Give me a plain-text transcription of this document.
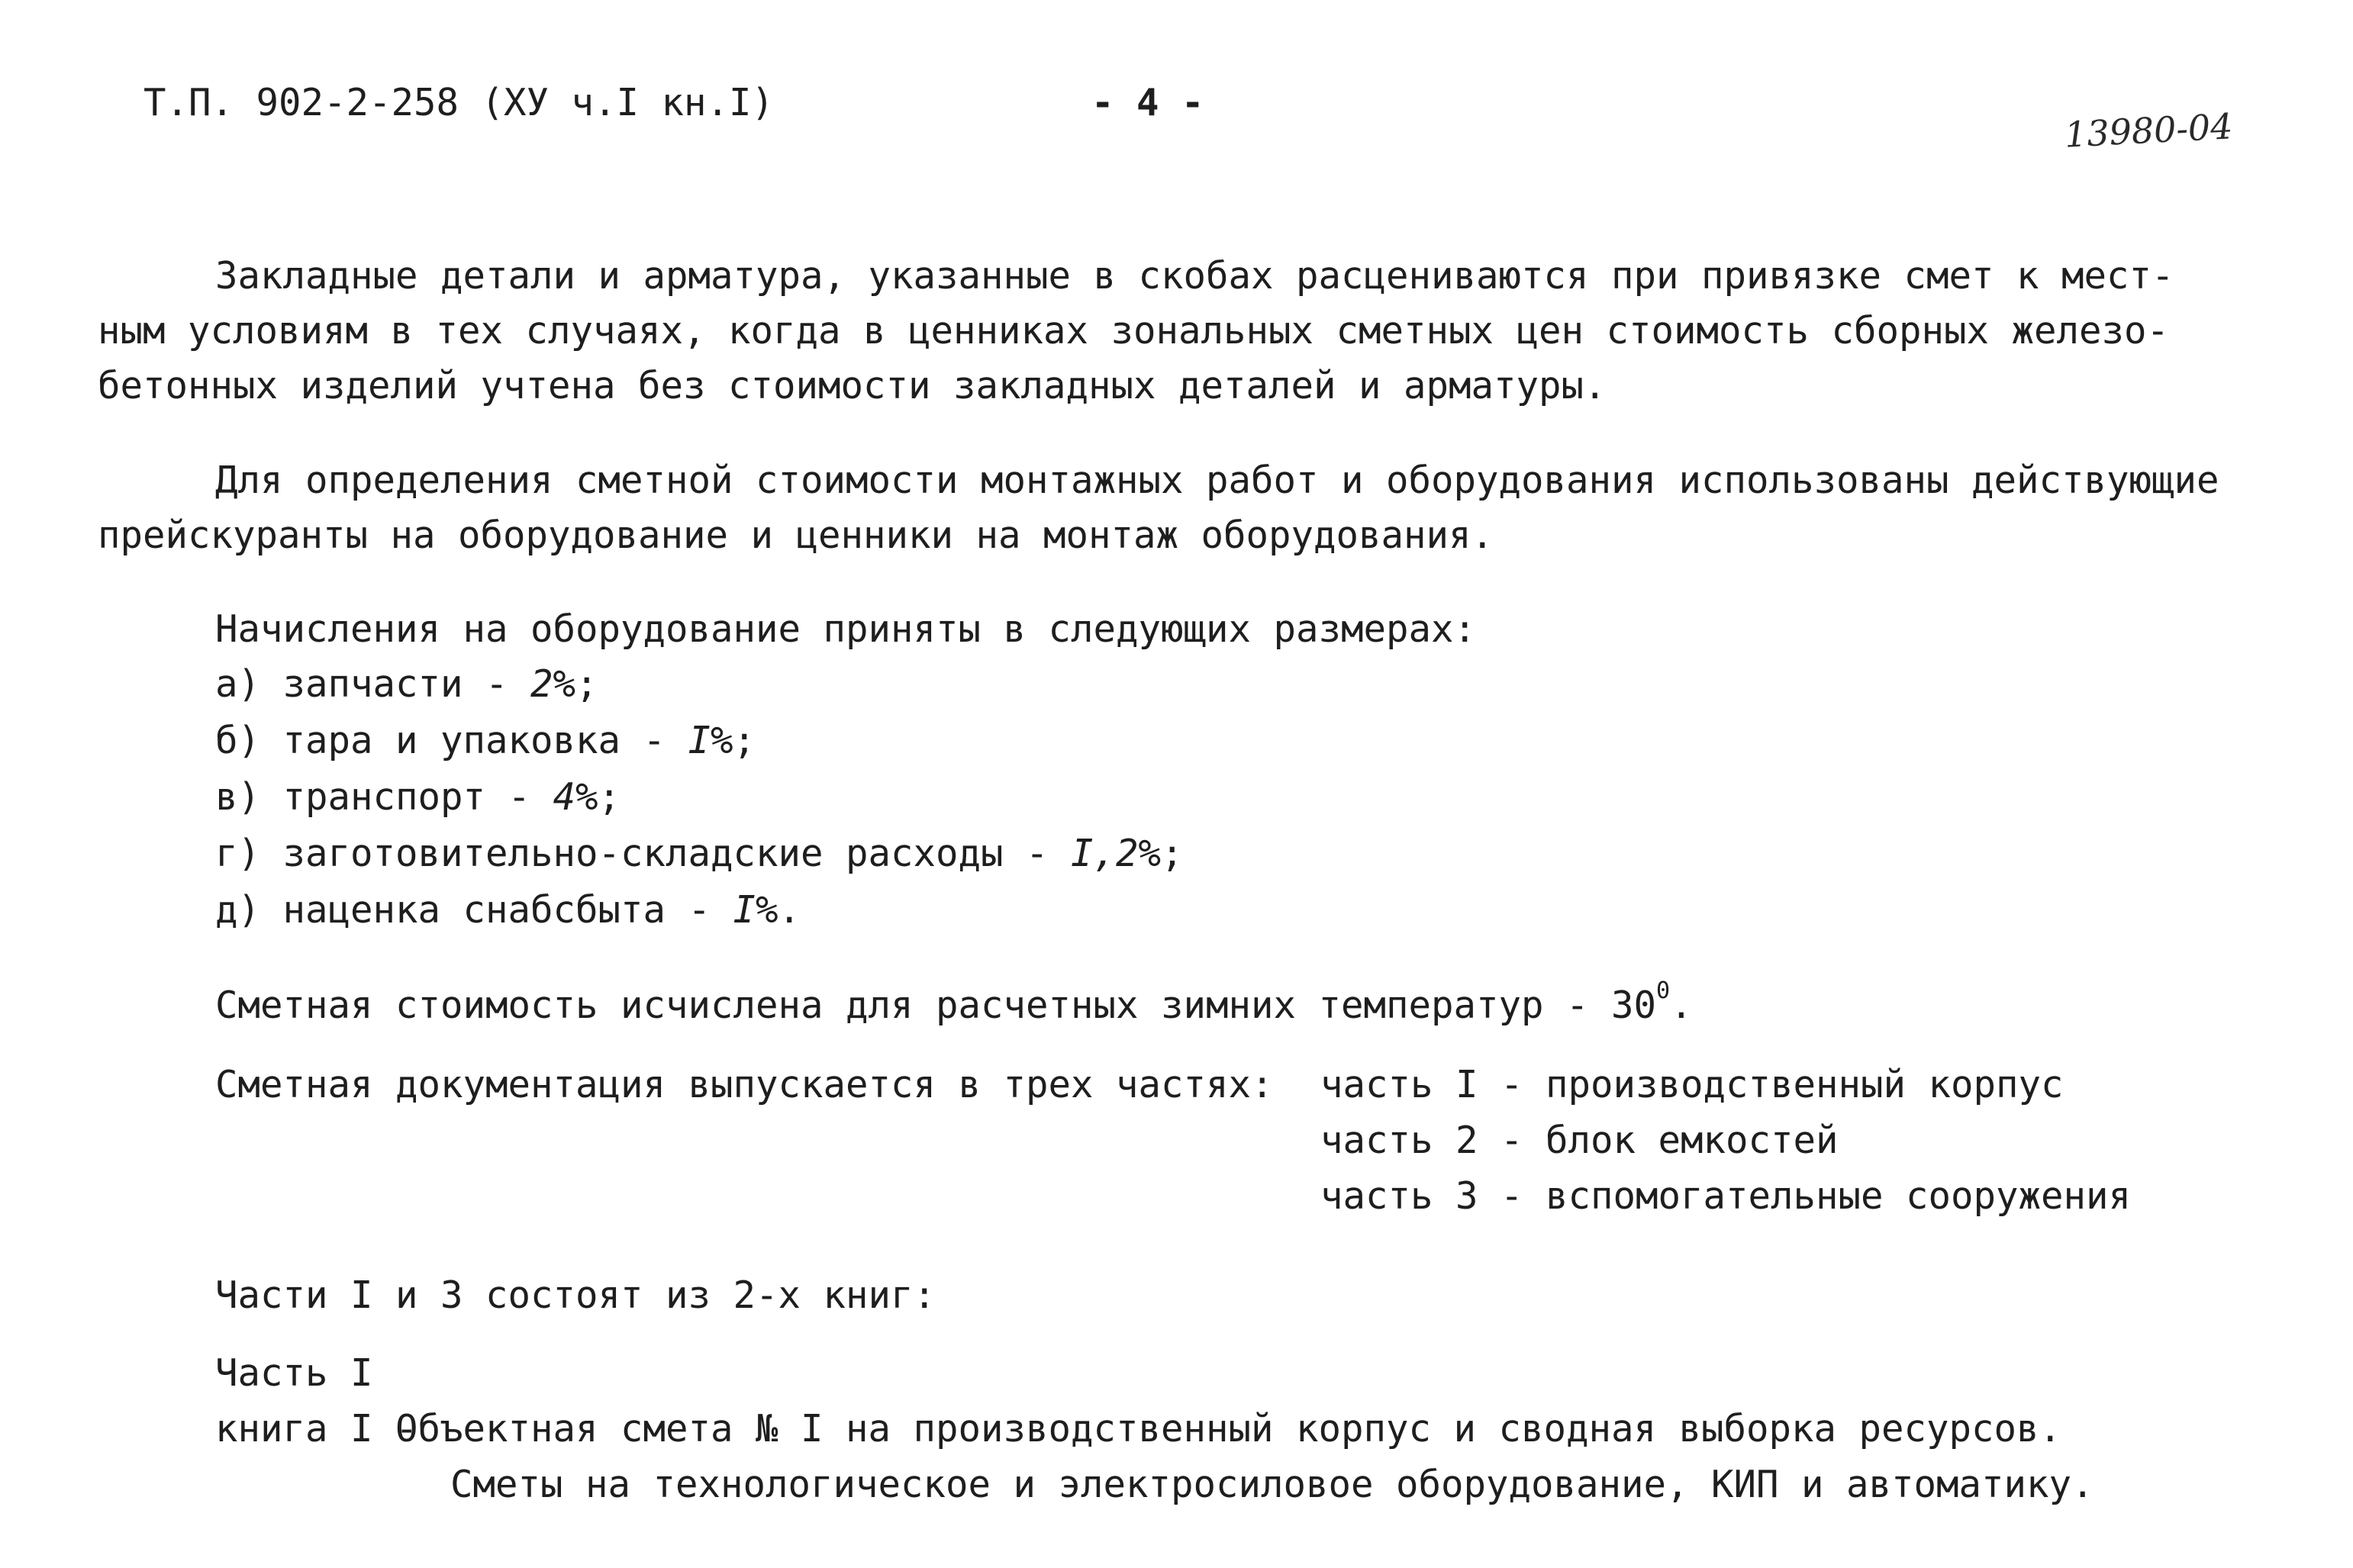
Т.П. 902-2-258 (ХУ ч.I кн.I)	- 4 -
13980-04
Закладные детали и арматура, указанные в скобах расцениваются при привязке смет к мест-
ным условиям в тех случаях, когда в ценниках зональных сметных цен стоимость сборных железо-
бетонных изделий учтена без стоимости закладных деталей и арматуры.
Для определения сметной стоимости монтажных работ и оборудования использованы действующие
прейскуранты на оборудование и ценники на монтаж оборудования.
Начисления на оборудование приняты в следующих размерах:
а) запчасти - 2%;
б) тара и упаковка - I%;
в) транспорт - 4%;
г) заготовительно-складские расходы - I,2%;
д) наценка снабсбыта - I%.
Сметная стоимость исчислена для расчетных зимних температур - $30^0$.
Сметная документация выпускается в трех частях: часть I - производственный корпус
часть 2 - блок емкостей
часть 3 - вспомогательные сооружения
Части I и 3 состоят из 2-х книг:
Часть I
книга I -Объектная смета № I на производственный корпус и сводная выборка ресурсов.
Сметы на технологическое и электросиловое оборудование, КИП и автоматику.
